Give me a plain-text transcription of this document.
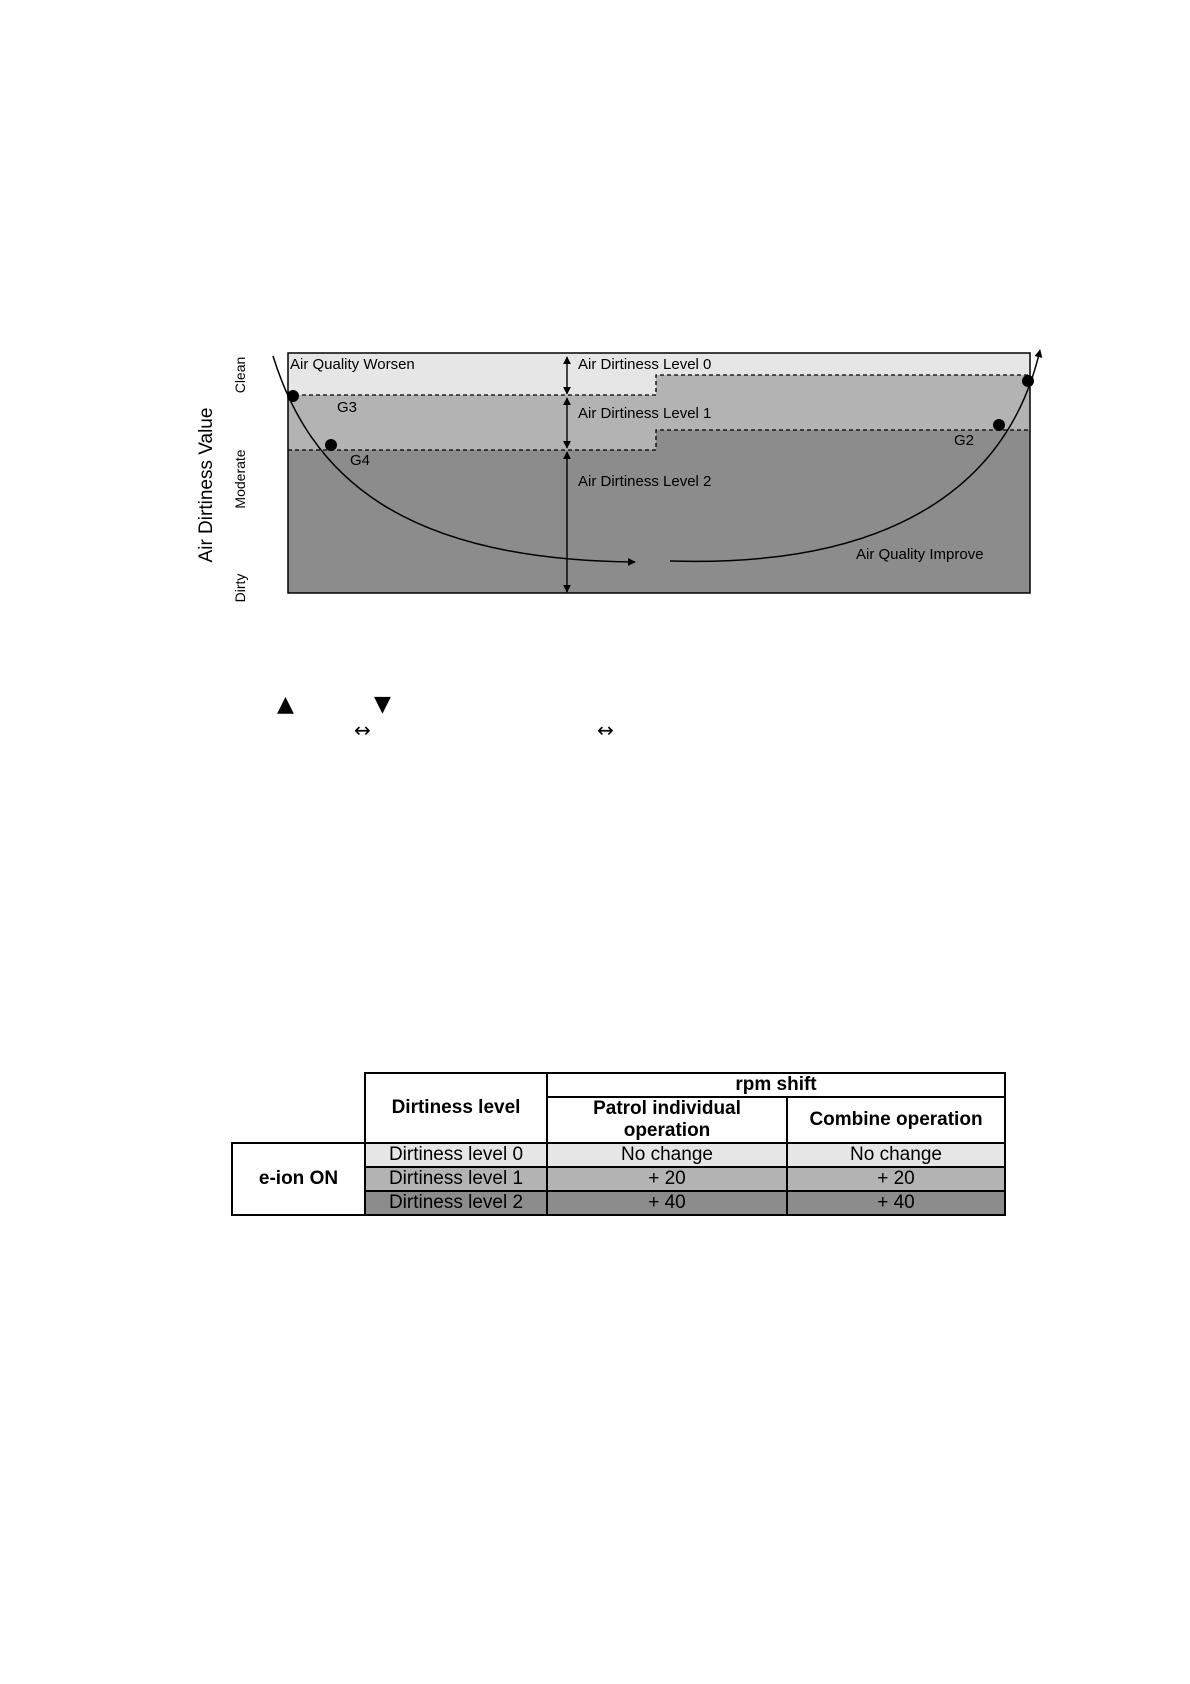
Air Quality Worsen	Air Dirtiness Level 0
Air Dirtiness Level 1
Air Dirtiness Level 2
G3
G4
G2
Air Quality Improve
Air Dirtiness Value
Clean
Moderate
Dirty
▲	▼
↔	↔
	Dirtiness level	rpm shift	
		Patrol individual operation	Combine operation
e-ion ON	Dirtiness level 0	No change	No change
	Dirtiness level 1	+ 20	+ 20
	Dirtiness level 2	+ 40	+ 40
